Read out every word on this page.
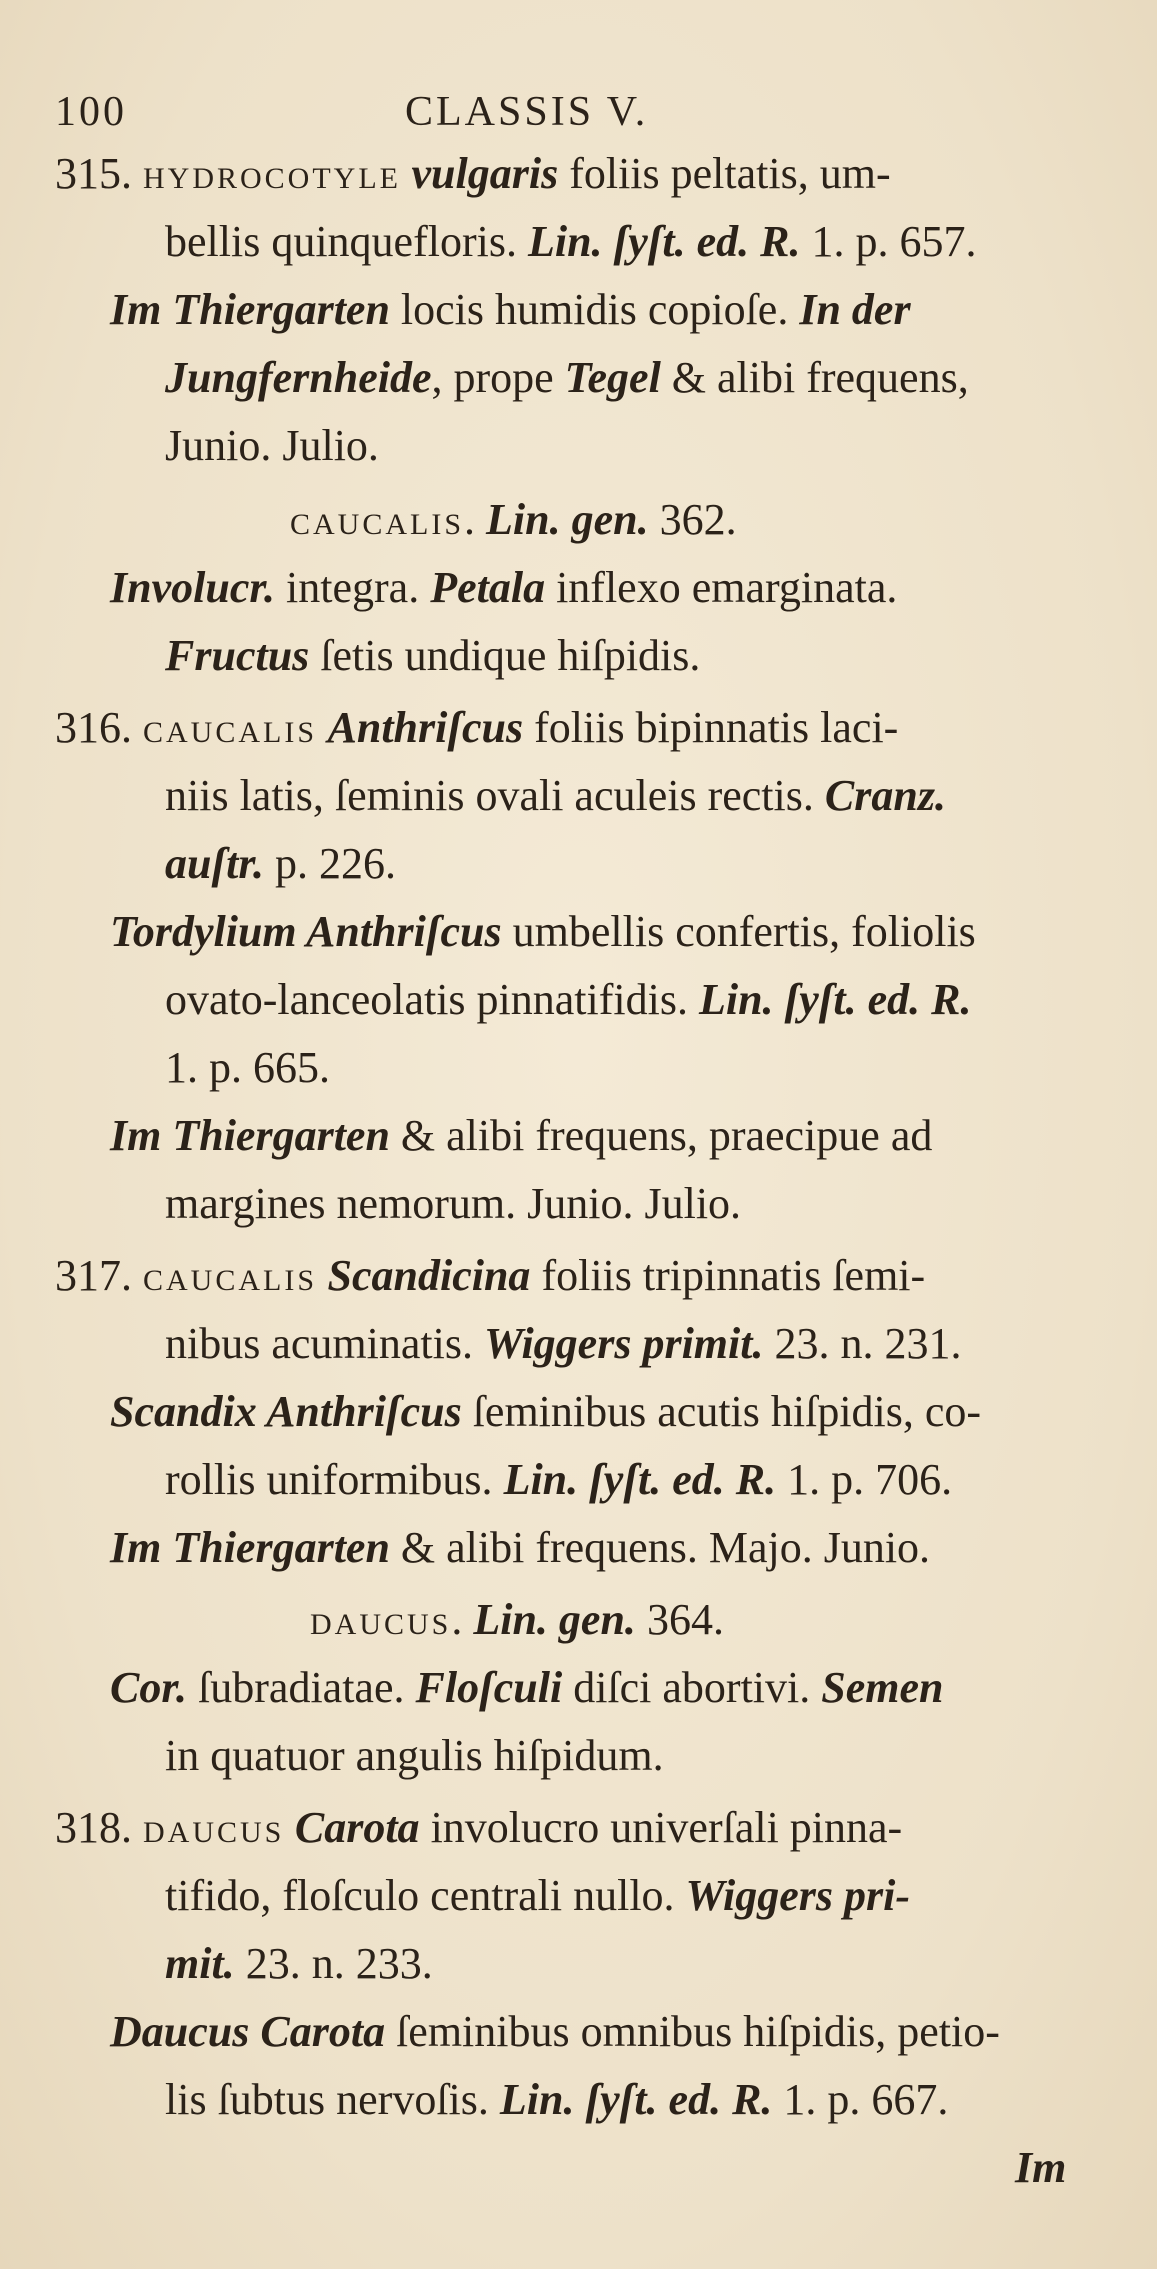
100	CLASSIS V.
315. HYDROCOTYLE vulgaris foliis peltatis, um-
bellis quinquefloris. Lin. ſyſt. ed. R. 1. p. 657.
Im Thiergarten locis humidis copioſe. In der
Jungfernheide, prope Tegel & alibi frequens,
Junio. Julio.
CAUCALIS. Lin. gen. 362.
Involucr. integra. Petala inflexo emarginata.
Fructus ſetis undique hiſpidis.
316. CAUCALIS Anthriſcus foliis bipinnatis laci-
niis latis, ſeminis ovali aculeis rectis. Cranz.
auſtr. p. 226.
Tordylium Anthriſcus umbellis confertis, foliolis
ovato-lanceolatis pinnatifidis. Lin. ſyſt. ed. R.
1. p. 665.
Im Thiergarten & alibi frequens, praecipue ad
margines nemorum. Junio. Julio.
317. CAUCALIS Scandicina foliis tripinnatis ſemi-
nibus acuminatis. Wiggers primit. 23. n. 231.
Scandix Anthriſcus ſeminibus acutis hiſpidis, co-
rollis uniformibus. Lin. ſyſt. ed. R. 1. p. 706.
Im Thiergarten & alibi frequens. Majo. Junio.
DAUCUS. Lin. gen. 364.
Cor. ſubradiatae. Floſculi diſci abortivi. Semen
in quatuor angulis hiſpidum.
318. DAUCUS Carota involucro univerſali pinna-
tifido, floſculo centrali nullo. Wiggers pri-
mit. 23. n. 233.
Daucus Carota ſeminibus omnibus hiſpidis, petio-
lis ſubtus nervoſis. Lin. ſyſt. ed. R. 1. p. 667.
Im
